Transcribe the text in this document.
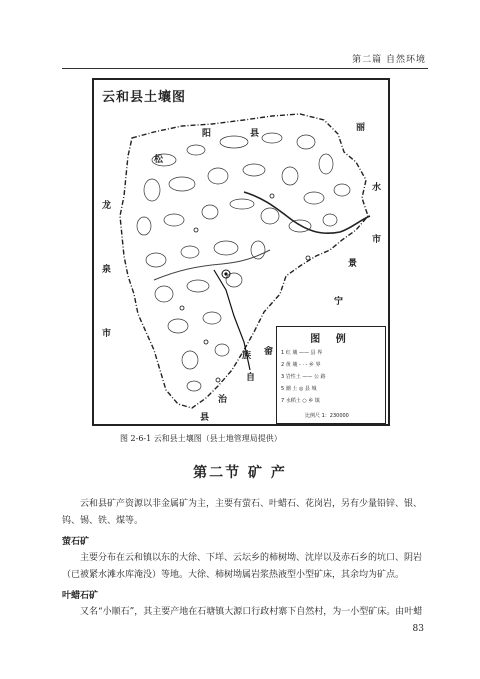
第二篇 自然环境
云和县土壤图
松
阳	县
丽
水
市
龙
泉
市
景
宁
畲
族
自
治
县
图 例
1 红 壤 —— 县 界
2 黄 壤 - · - 乡 界
3 岩性土 —— 公 路
5 潮 土 ◎ 县 城
7 水稻土 ○ 乡 镇
比例尺 1：230000
图 2-6-1 云和县土壤图（县土地管理局提供）
第二节 矿 产

云和县矿产资源以非金属矿为主，主要有萤石、叶蜡石、花岗岩，另有少量铅锌、银、钨、锡、铁、煤等。

萤石矿

主要分布在云和镇以东的大徐、下垟、云坛乡的柿树坳、沈岸以及赤石乡的坑口、阴岩（已被紧水滩水库淹没）等地。大徐、柿树坳属岩浆热液型小型矿床，其余均为矿点。

叶蜡石矿

又名“小顺石”，其主要产地在石塘镇大源口行政村寨下自然村，为一小型矿床。由叶蜡

83
